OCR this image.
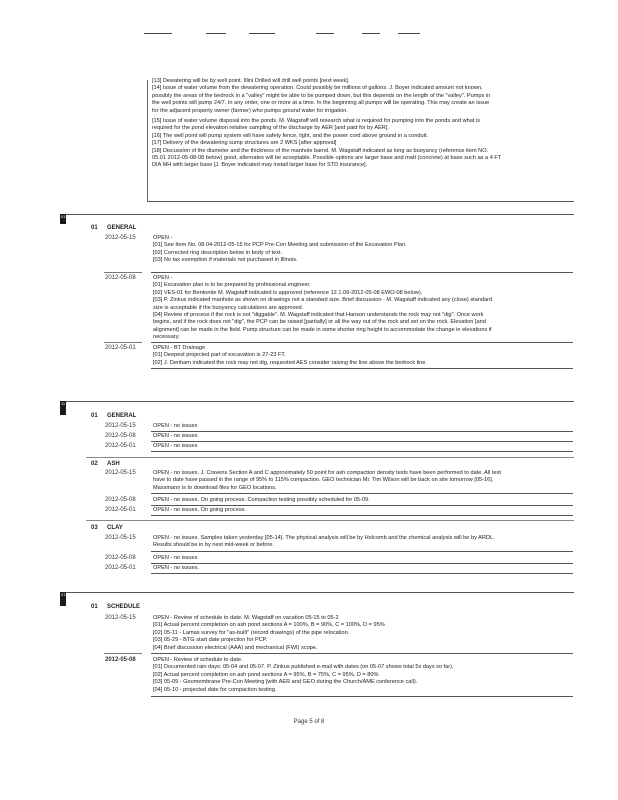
[13] Dewatering will be by well point. Illini Drilled will drill well points [next week].
[14] Issue of water volume from the dewatering operation. Could possibly be millions of gallons. J. Boyer indicated amount not known,
possibly the areas of the bedrock in a "valley" might be able to be pumped down, but this depends on the length of the "valley". Pumps in
the well points will pump 24/7. In any order, one or more at a time. In the beginning all pumps will be operating. This may create an issue
for the adjacent property owner (farmer) who pumps ground water for irrigation.
[15] Issue of water volume disposal into the ponds. M. Wagstaff will research what is required for pumping into the ponds and what is
required for the pond elevation relative sampling of the discharge by AER [and paid for by AER].
[16] The well point will pump system will have safety fence, light, and the power cord above ground in a conduit.
[17] Delivery of the dewatering sump structures are 2 WKS [after approval]
[18] Discussion of the diameter and the thickness of the manhole barrel. M. Wagstaff indicated as long as buoyancy (reference item NO.
05.01 2012-05-08-08 below) good, alternates will be acceptable. Possible options are larger base and matt (concrete) at base such as a 4 FT
DIA MH with larger base [J. Boyer indicated may install larger base for STD insurance].
01
01 GENERAL
2012-05-15	OPEN -
[01] See Item No. 08.04-2012-05-15 for PCP Pre-Con Meeting and submission of the Excavation Plan.
[02] Corrected ring description below in body of text.
[03] No tax exemption if materials not purchased in Illinois.
2012-05-08	OPEN -
[01] Excavation plan is to be prepared by professional engineer.
[02] VES-01 for Bentonite M. Wagstaff indicated is approved (reference 12.1.09-2012-05-08 EWO-08 below).
[03] P. Zinkus indicated manhole as shown on drawings not a standard size. Brief discussion - M. Wagstaff indicated any (close) standard
size is acceptable if the buoyancy calculations are approved.
[04] Review of process if the rock is not "diggable". M. Wagstaff indicated that Hanson understands the rock may not "dig". Once work
begins, and if the rock does not "dig", the PCP can be raised [partially] or all the way out of the rock and set on the rock. Elevation [and
alignment] can be made in the field. Pump structure can be made in some shorter ring height to accommodate the change in elevations if
necessary.
2012-05-01	OPEN - BT Drainage
[01] Deepest projected part of excavation is 27-23 FT.
[02] J. Denham indicated the rock may not dig, requested AES consider raising the line above the bedrock line.
11
01 GENERAL
2012-05-15	OPEN - no issues
2012-05-08	OPEN - no issues
2012-05-01	OPEN - no issues
02 ASH
2012-05-15	OPEN - no issues. J. Cravens Section A and C approximately 50 point for ash compaction density tests have been performed to date. All test
have to date have passed in the range of 95% to 115% compaction. GEO technician Mr. Tim Wilson will be back on site tomorrow [05-16].
Massmann is to download files for GEO locations.
2012-05-08	OPEN - no issues. On going process. Compaction testing possibly scheduled for 05-09.
2012-05-01	OPEN - no issues. On going process.
03 CLAY
2012-05-15	OPEN - no issues. Samples taken yesterday [05-14]. The physical analysis will be by Holcomb and the chemical analysis will be by ARDL.
Results should be in by next mid-week or before.
2012-05-08	OPEN - no issues
2012-05-01	OPEN - no issues.
21
01 SCHEDULE
2012-05-15	OPEN - Review of schedule to date. M. Wagstaff on vacation 05-15 to 05-2
[01] Actual percent completion on ash pond sections A = 100%, B = 90%, C = 100%, D = 95%
[02] 05-11 - Lamas survey for "as-built" (record drawings) of the pipe relocation.
[03] 05-29 - BTG start date projection for PCP.
[04] Brief discussion electrical (AAA) and mechanical (FWI) scope.
2012-05-08	OPEN - Review of schedule to date.
[01] Documented rain days: 05-04 and 05-07. P. Zinkus published e-mail with dates (on 05-07 shows total 5x days so far).
[02] Actual percent completion on ash pond sections A = 95%, B = 75%, C = 95%, D = 80%
[03] 05-09 - Geomembrane Pre-Con Meeting [with AER and GEO during the Church/AME conference call).
[04] 05-10 - projected date for compaction testing.
Page 5 of 8
